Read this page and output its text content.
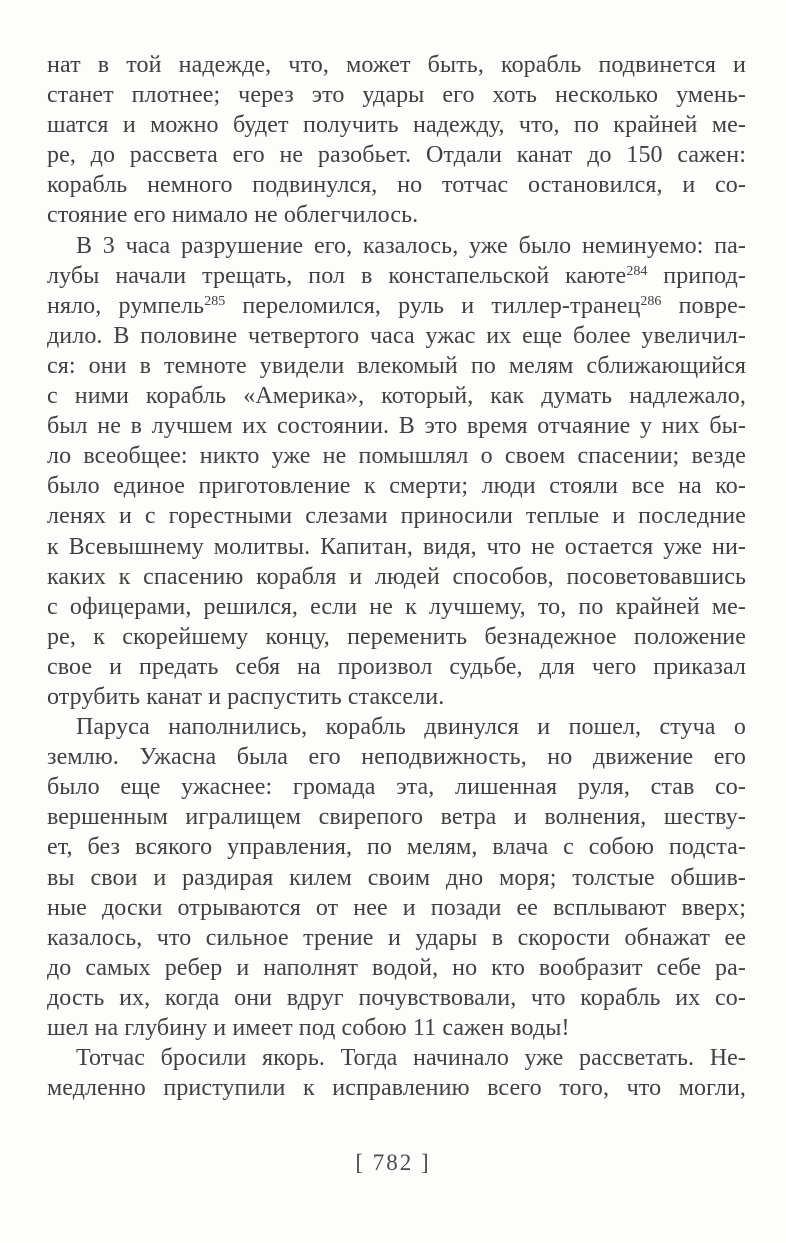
нат в той надежде, что, может быть, корабль подвинется и
станет плотнее; через это удары его хоть несколько умень-
шатся и можно будет получить надежду, что, по крайней ме-
ре, до рассвета его не разобьет. Отдали канат до 150 сажен:
корабль немного подвинулся, но тотчас остановился, и со-
стояние его нимало не облегчилось.
В 3 часа разрушение его, казалось, уже было неминуемо: па-
лубы начали трещать, пол в констапельской каюте$^{284}$ припод-
няло, румпель$^{285}$ переломился, руль и тиллер-транец$^{286}$ повре-
дило. В половине четвертого часа ужас их еще более увеличил-
ся: они в темноте увидели влекомый по мелям сближающийся
с ними корабль «Америка», который, как думать надлежало,
был не в лучшем их состоянии. В это время отчаяние у них бы-
ло всеобщее: никто уже не помышлял о своем спасении; везде
было единое приготовление к смерти; люди стояли все на ко-
ленях и с горестными слезами приносили теплые и последние
к Всевышнему молитвы. Капитан, видя, что не остается уже ни-
каких к спасению корабля и людей способов, посоветовавшись
с офицерами, решился, если не к лучшему, то, по крайней ме-
ре, к скорейшему концу, переменить безнадежное положение
свое и предать себя на произвол судьбе, для чего приказал
отрубить канат и распустить стаксели.
Паруса наполнились, корабль двинулся и пошел, стуча о
землю. Ужасна была его неподвижность, но движение его
было еще ужаснее: громада эта, лишенная руля, став со-
вершенным игралищем свирепого ветра и волнения, шеству-
ет, без всякого управления, по мелям, влача с собою подста-
вы свои и раздирая килем своим дно моря; толстые обшив-
ные доски отрываются от нее и позади ее всплывают вверх;
казалось, что сильное трение и удары в скорости обнажат ее
до самых ребер и наполнят водой, но кто вообразит себе ра-
дость их, когда они вдруг почувствовали, что корабль их со-
шел на глубину и имеет под собою 11 сажен воды!
Тотчас бросили якорь. Тогда начинало уже рассветать. Не-
медленно приступили к исправлению всего того, что могли,
[ 782 ]
